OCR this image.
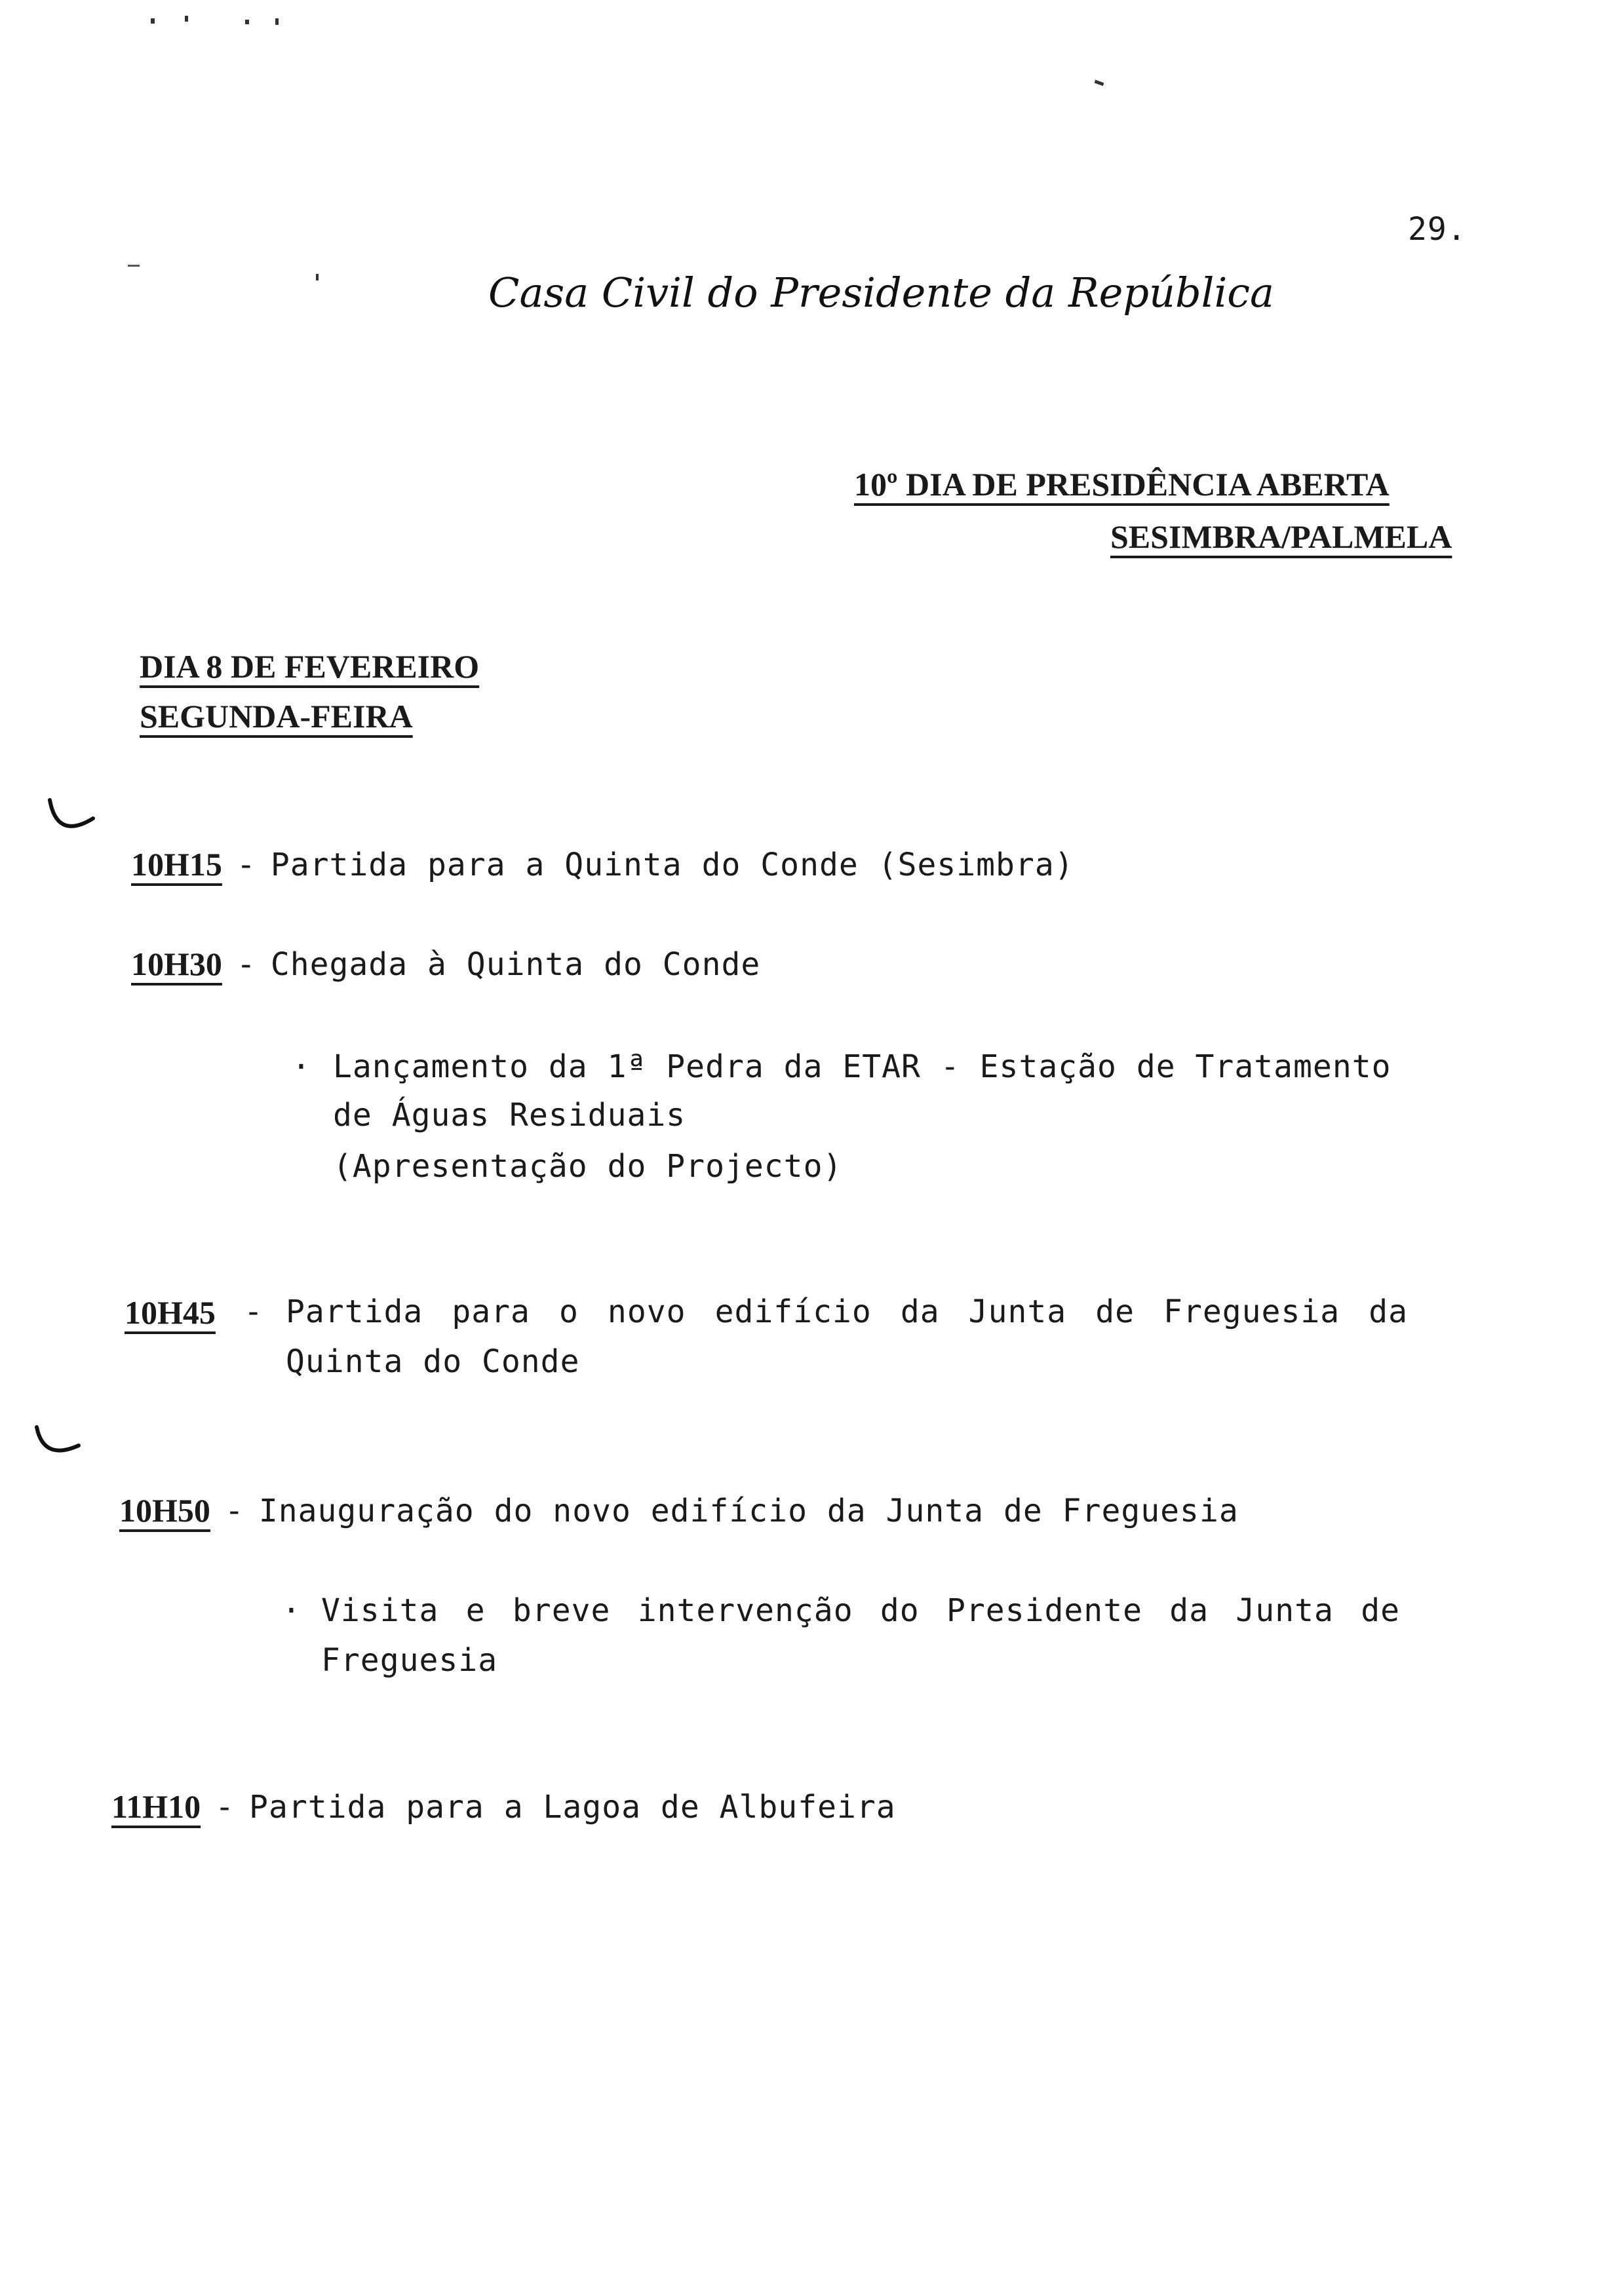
29.
Casa Civil do Presidente da República
10º DIA DE PRESIDÊNCIA ABERTA
SESIMBRA/PALMELA
DIA 8 DE FEVEREIRO
SEGUNDA-FEIRA
10H15 - Partida para a Quinta do Conde (Sesimbra)
10H30 - Chegada à Quinta do Conde
· Lançamento da 1ª Pedra da ETAR - Estação de Tratamento
de Águas Residuais
(Apresentação do Projecto)
10H45 - Partida para o novo edifício da Junta de Freguesia da
Quinta do Conde
10H50 - Inauguração do novo edifício da Junta de Freguesia
· Visita e breve intervenção do Presidente da Junta de
Freguesia
11H10 - Partida para a Lagoa de Albufeira
